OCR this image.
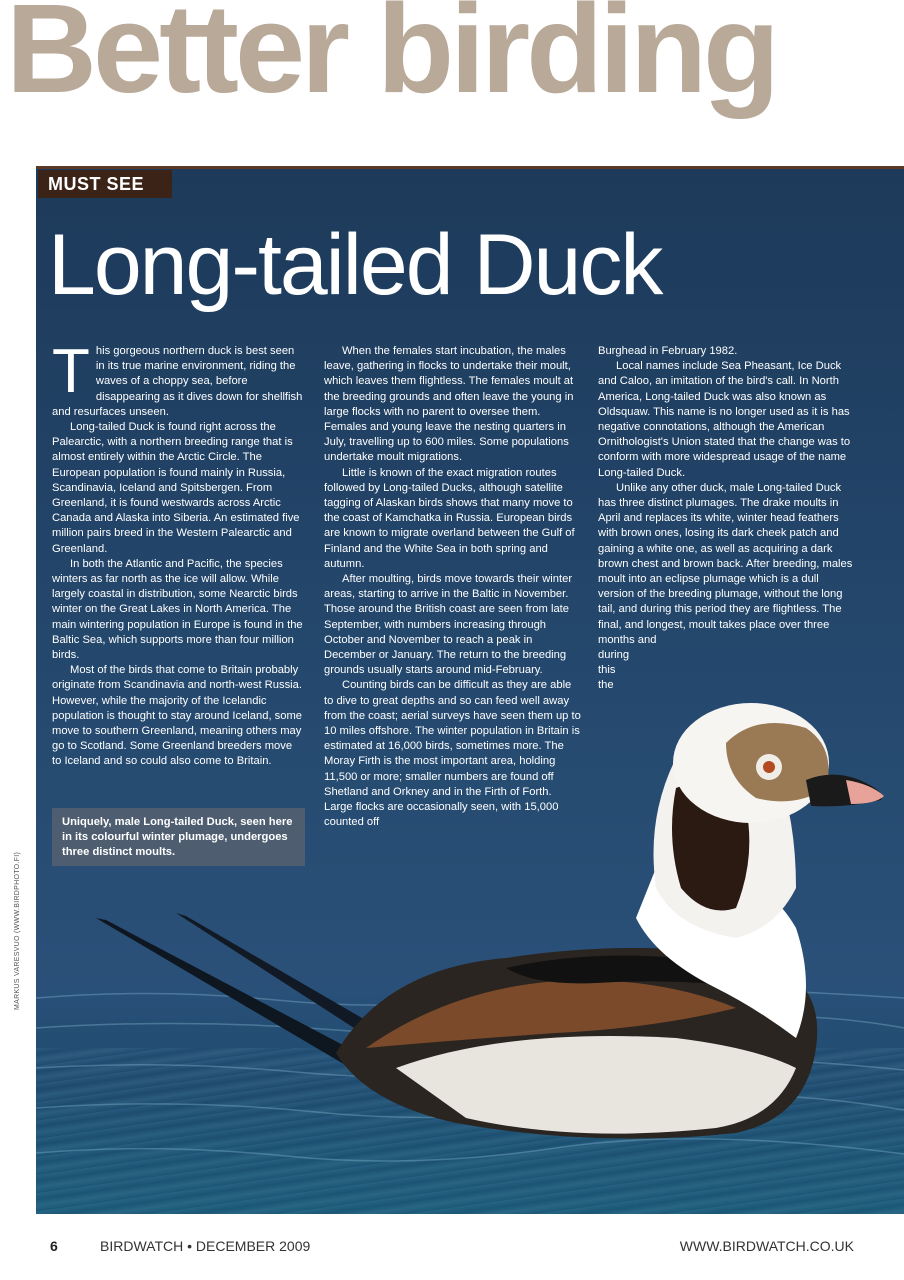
Better birding
MUST SEE
Long-tailed Duck

This gorgeous northern duck is best seen in its true marine environment, riding the waves of a choppy sea, before disappearing as it dives down for shellfish and resurfaces unseen.

Long-tailed Duck is found right across the Palearctic, with a northern breeding range that is almost entirely within the Arctic Circle. The European population is found mainly in Russia, Scandinavia, Iceland and Spitsbergen. From Greenland, it is found westwards across Arctic Canada and Alaska into Siberia. An estimated five million pairs breed in the Western Palearctic and Greenland.

In both the Atlantic and Pacific, the species winters as far north as the ice will allow. While largely coastal in distribution, some Nearctic birds winter on the Great Lakes in North America. The main wintering population in Europe is found in the Baltic Sea, which supports more than four million birds.

Most of the birds that come to Britain probably originate from Scandinavia and north-west Russia. However, while the majority of the Icelandic population is thought to stay around Iceland, some move to southern Greenland, meaning others may go to Scotland. Some Greenland breeders move to Iceland and so could also come to Britain.

Uniquely, male Long-tailed Duck, seen here in its colourful winter plumage, undergoes three distinct moults.

When the females start incubation, the males leave, gathering in flocks to undertake their moult, which leaves them flightless. The females moult at the breeding grounds and often leave the young in large flocks with no parent to oversee them. Females and young leave the nesting quarters in July, travelling up to 600 miles. Some populations undertake moult migrations.

Little is known of the exact migration routes followed by Long-tailed Ducks, although satellite tagging of Alaskan birds shows that many move to the coast of Kamchatka in Russia. European birds are known to migrate overland between the Gulf of Finland and the White Sea in both spring and autumn.

After moulting, birds move towards their winter areas, starting to arrive in the Baltic in November. Those around the British coast are seen from late September, with numbers increasing through October and November to reach a peak in December or January. The return to the breeding grounds usually starts around mid-February.

Counting birds can be difficult as they are able to dive to great depths and so can feed well away from the coast; aerial surveys have seen them up to 10 miles offshore. The winter population in Britain is estimated at 16,000 birds, sometimes more. The Moray Firth is the most important area, holding 11,500 or more; smaller numbers are found off Shetland and Orkney and in the Firth of Forth. Large flocks are occasionally seen, with 15,000 counted off

Burghead in February 1982.

Local names include Sea Pheasant, Ice Duck and Caloo, an imitation of the bird's call. In North America, Long-tailed Duck was also known as Oldsquaw. This name is no longer used as it is has negative connotations, although the American Ornithologist's Union stated that the change was to conform with more widespread usage of the name Long-tailed Duck.

Unlike any other duck, male Long-tailed Duck has three distinct plumages. The drake moults in April and replaces its white, winter head feathers with brown ones, losing its dark cheek patch and gaining a white one, as well as acquiring a dark brown chest and brown back. After breeding, males moult into an eclipse plumage which is a dull version of the breeding plumage, without the long tail, and during this period they are flightless. The final, and longest, moult takes place over three months and

during

this

the

MARKUS VARESVUO (WWW.BIRDPHOTO.FI)
6	BIRDWATCH • DECEMBER 2009	WWW.BIRDWATCH.CO.UK
